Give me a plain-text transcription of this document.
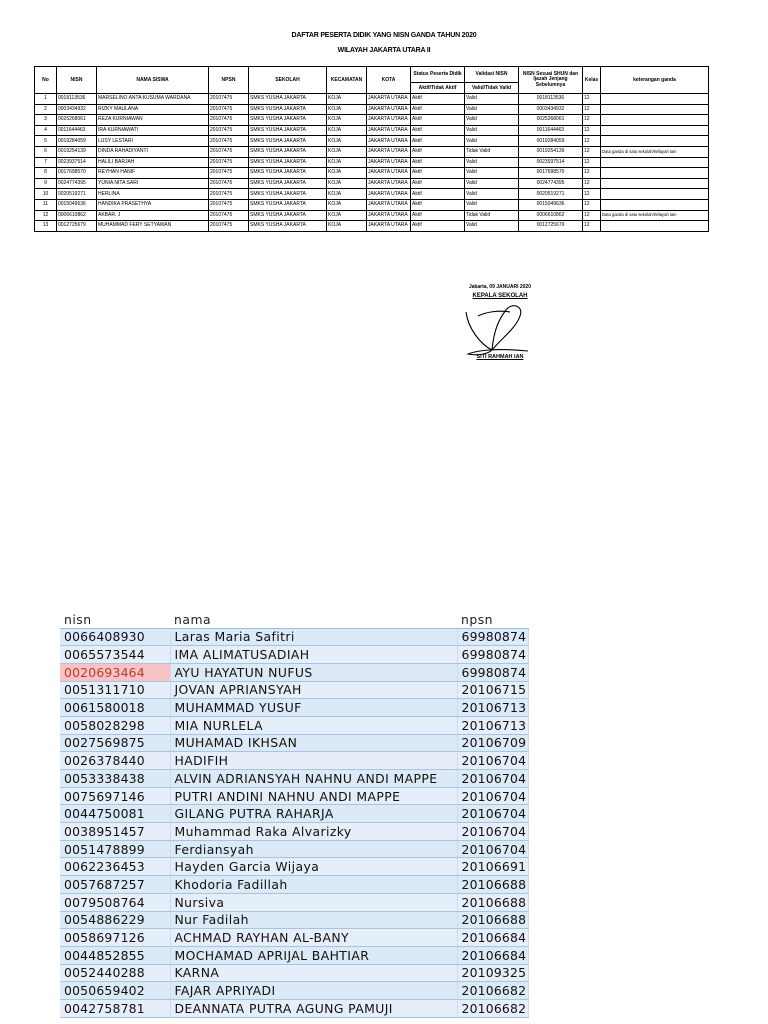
DAFTAR PESERTA DIDIK YANG NISN GANDA TAHUN 2020
WILAYAH JAKARTA UTARA II
No	NISN	NAMA SISWA	NPSN	SEKOLAH	KECAMATAN	KOTA	Status Peserta Didik	Validasi NISN	NISN Sesuai SHUN dan Ijazah Jenjang Sebelumnya	Kelas	keterangan ganda
							Aktif/Tidak Aktif	Valid/Tidak Valid			
1	0018113536	MARSELINO ANTA KUSUMA WARDANA	20107475	SMKS YUSHA JAKARTA	KOJA	JAKARTA UTARA	Aktif	Valid	0018113536	12	
2	0003434932	RIZKY MAULANA	20107475	SMKS YUSHA JAKARTA	KOJA	JAKARTA UTARA	Aktif	Valid	0003434932	12	
3	0025268061	REZA KURNIAWAN	20107475	SMKS YUSHA JAKARTA	KOJA	JAKARTA UTARA	Aktif	Valid	0025268061	12	
4	0011644463	IRA KURNIAWATI	20107475	SMKS YUSHA JAKARTA	KOJA	JAKARTA UTARA	Aktif	Valid	0011644463	12	
5	0019284059	LUSY LESTARI	20107475	SMKS YUSHA JAKARTA	KOJA	JAKARTA UTARA	Aktif	Valid	0019284059	12	
6	0019254139	DINDA RAHADIYANTI	20107475	SMKS YUSHA JAKARTA	KOJA	JAKARTA UTARA	Aktif	Tidak Valid	0019254139	12	Data ganda di satu sekolah/Wilayah lain
7	0023937514	HALILI BARJAH	20107475	SMKS YUSHA JAKARTA	KOJA	JAKARTA UTARA	Aktif	Valid	0023937514	12	
8	0017698570	REYHAN HANIF	20107475	SMKS YUSHA JAKARTA	KOJA	JAKARTA UTARA	Aktif	Valid	0017698570	12	
9	0024774395	YUNIA NITA SARI	20107475	SMKS YUSHA JAKARTA	KOJA	JAKARTA UTARA	Aktif	Valid	0024774395	12	
10	0020519271	HERLINA	20107475	SMKS YUSHA JAKARTA	KOJA	JAKARTA UTARA	Aktif	Valid	0020519271	12	
11	0015049636	HANDIKA PRASETHYA	20107475	SMKS YUSHA JAKARTA	KOJA	JAKARTA UTARA	Aktif	Valid	0015049636	12	
12	0006610862	AKBAR. J	20107475	SMKS YUSHA JAKARTA	KOJA	JAKARTA UTARA	Aktif	Tidak Valid	0006610862	12	Data ganda di satu sekolah/Wilayah lain
13	0012725679	MUHAMMAD FERY SETYAWAN	20107475	SMKS YUSHA JAKARTA	KOJA	JAKARTA UTARA	Aktif	Valid	0012725679	12	
Jakarta, 09 JANUARI 2020
KEPALA SEKOLAH
SITI RAHMAH IAN
nisn	nama	npsn
0066408930	Laras Maria Safitri	69980874
0065573544	IMA ALIMATUSADIAH	69980874
0020693464	AYU HAYATUN NUFUS	69980874
0051311710	JOVAN APRIANSYAH	20106715
0061580018	MUHAMMAD YUSUF	20106713
0058028298	MIA NURLELA	20106713
0027569875	MUHAMAD IKHSAN	20106709
0026378440	HADIFIH	20106704
0053338438	ALVIN ADRIANSYAH NAHNU ANDI MAPPE	20106704
0075697146	PUTRI ANDINI NAHNU ANDI MAPPE	20106704
0044750081	GILANG PUTRA RAHARJA	20106704
0038951457	Muhammad Raka Alvarizky	20106704
0051478899	Ferdiansyah	20106704
0062236453	Hayden Garcia Wijaya	20106691
0057687257	Khodoria Fadillah	20106688
0079508764	Nursiva	20106688
0054886229	Nur Fadilah	20106688
0058697126	ACHMAD RAYHAN AL-BANY	20106684
0044852855	MOCHAMAD APRIJAL BAHTIAR	20106684
0052440288	KARNA	20109325
0050659402	FAJAR APRIYADI	20106682
0042758781	DEANNATA PUTRA AGUNG PAMUJI	20106682
